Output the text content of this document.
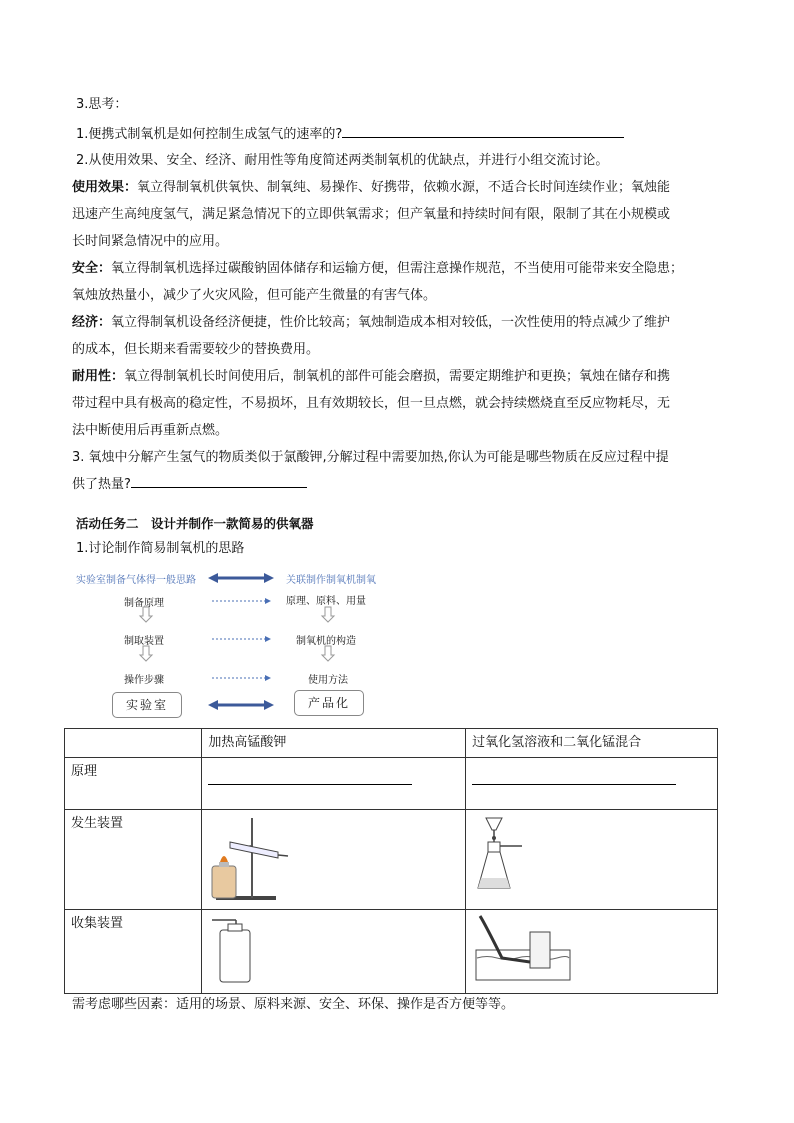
3.思考：
1.便携式制氧机是如何控制生成氢气的速率的?
2.从使用效果、安全、经济、耐用性等角度简述两类制氧机的优缺点，并进行小组交流讨论。
使用效果：氧立得制氧机供氧快、制氧纯、易操作、好携带，依赖水源，不适合长时间连续作业；氧烛能
迅速产生高纯度氢气，满足紧急情况下的立即供氧需求；但产氧量和持续时间有限，限制了其在小规模或
长时间紧急情况中的应用。
安全：氧立得制氧机选择过碳酸钠固体储存和运输方便，但需注意操作规范，不当使用可能带来安全隐患；
氧烛放热量小，减少了火灾风险，但可能产生微量的有害气体。
经济：氧立得制氧机设备经济便捷，性价比较高；氧烛制造成本相对较低，一次性使用的特点减少了维护
的成本，但长期来看需要较少的替换费用。
耐用性：氧立得制氧机长时间使用后，制氧机的部件可能会磨损，需要定期维护和更换；氧烛在储存和携
带过程中具有极高的稳定性，不易损坏，且有效期较长，但一旦点燃，就会持续燃烧直至反应物耗尽，无
法中断使用后再重新点燃。
3. 氧烛中分解产生氢气的物质类似于氯酸钾,分解过程中需要加热,你认为可能是哪些物质在反应过程中提
供了热量?
活动任务二　设计并制作一款简易的供氧器
1.讨论制作简易制氧机的思路
实验室制备气体得一般思路	关联制作制氧机制氧
制备原理
制取装置
操作步骤
原理、原料、用量
制氧机的构造
使用方法
实验室	产品化
	加热高锰酸钾	过氧化氢溶液和二氧化锰混合
原理	

发生装置	

收集装置	

需考虑哪些因素：适用的场景、原料来源、安全、环保、操作是否方便等等。
